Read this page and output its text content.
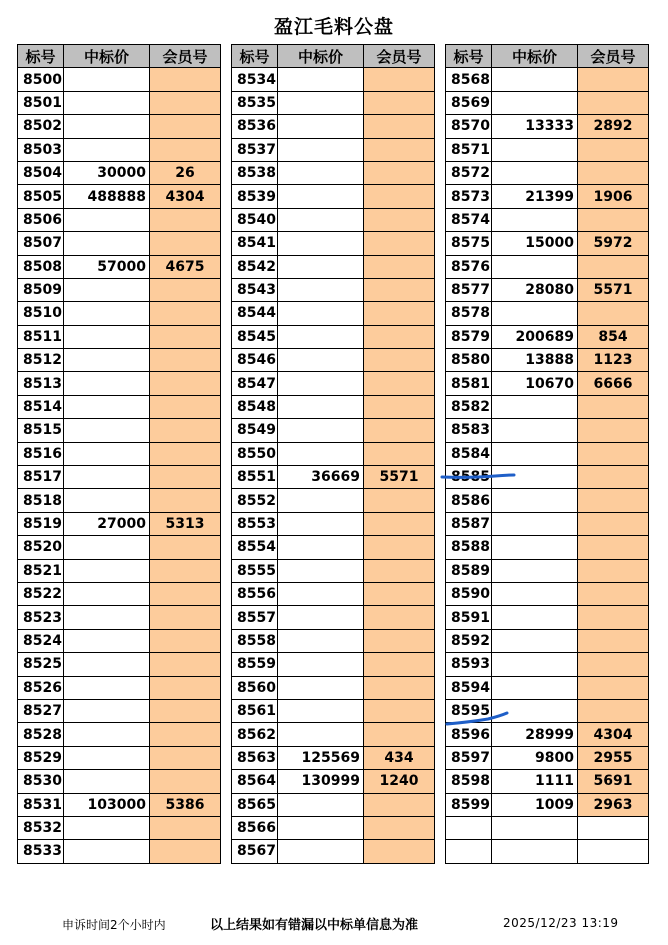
盈江毛料公盘
标号	中标价	会员号
8500		
8501		
8502		
8503		
8504	30000	26
8505	488888	4304
8506		
8507		
8508	57000	4675
8509		
8510		
8511		
8512		
8513		
8514		
8515		
8516		
8517		
8518		
8519	27000	5313
8520		
8521		
8522		
8523		
8524		
8525		
8526		
8527		
8528		
8529		
8530		
8531	103000	5386
8532		
8533		
标号	中标价	会员号
8534		
8535		
8536		
8537		
8538		
8539		
8540		
8541		
8542		
8543		
8544		
8545		
8546		
8547		
8548		
8549		
8550		
8551	36669	5571
8552		
8553		
8554		
8555		
8556		
8557		
8558		
8559		
8560		
8561		
8562		
8563	125569	434
8564	130999	1240
8565		
8566		
8567		
标号	中标价	会员号
8568		
8569		
8570	13333	2892
8571		
8572		
8573	21399	1906
8574		
8575	15000	5972
8576		
8577	28080	5571
8578		
8579	200689	854
8580	13888	1123
8581	10670	6666
8582		
8583		
8584		
8585		
8586		
8587		
8588		
8589		
8590		
8591		
8592		
8593		
8594		
8595		
8596	28999	4304
8597	9800	2955
8598	1111	5691
8599	1009	2963

申诉时间2个小时内	以上结果如有错漏以中标单信息为准	2025/12/23 13:19
